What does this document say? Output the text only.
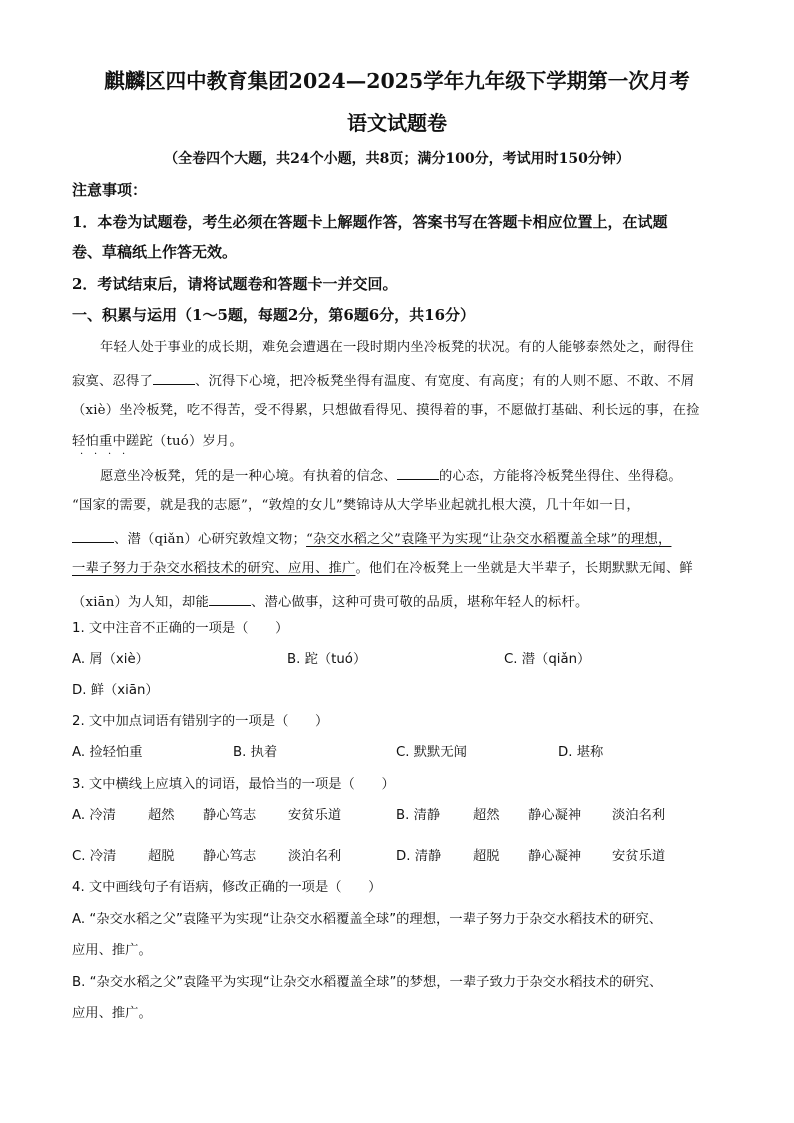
麒麟区四中教育集团2024—2025学年九年级下学期第一次月考
语文试题卷
（全卷四个大题，共24个小题，共8页；满分100分，考试用时150分钟）
注意事项：
1．本卷为试题卷，考生必须在答题卡上解题作答，答案书写在答题卡相应位置上，在试题
卷、草稿纸上作答无效。
2．考试结束后，请将试题卷和答题卡一并交回。
一、积累与运用（1～5题，每题2分，第6题6分，共16分）
年轻人处于事业的成长期，难免会遭遇在一段时期内坐冷板凳的状况。有的人能够泰然处之，耐得住
寂寞、忍得了	、沉得下心境，把冷板凳坐得有温度、有宽度、有高度；有的人则不愿、不敢、不屑
（xiè）坐冷板凳，吃不得苦，受不得累，只想做看得见、摸得着的事，不愿做打基础、利长远的事，在捡
轻怕重中蹉跎（tuó）岁月。
· · · ·
愿意坐冷板凳，凭的是一种心境。有执着的信念、	的心态，方能将冷板凳坐得住、坐得稳。
“国家的需要，就是我的志愿”，“敦煌的女儿”樊锦诗从大学毕业起就扎根大漠，几十年如一日，
、潜（qiǎn）心研究敦煌文物；“杂交水稻之父”袁隆平为实现“让杂交水稻覆盖全球”的理想，
一辈子努力于杂交水稻技术的研究、应用、推广。他们在冷板凳上一坐就是大半辈子，长期默默无闻、鲜
（xiān）为人知，却能	、潜心做事，这种可贵可敬的品质，堪称年轻人的标杆。
1. 文中注音不正确的一项是（　　）
A. 屑（xiè）	B. 跎（tuó）	C. 潜（qiǎn）
D. 鲜（xiān）
2. 文中加点词语有错别字的一项是（　　）
A. 捡轻怕重	B. 执着	C. 默默无闻	D. 堪称
3. 文中横线上应填入的词语，最恰当的一项是（　　）
A. 冷清 超然 静心笃志 安贫乐道	B. 清静 超然 静心凝神 淡泊名利
C. 冷清 超脱 静心笃志 淡泊名利	D. 清静 超脱 静心凝神 安贫乐道
4. 文中画线句子有语病，修改正确的一项是（　　）
A. “杂交水稻之父”袁隆平为实现“让杂交水稻覆盖全球”的理想，一辈子努力于杂交水稻技术的研究、
应用、推广。
B. “杂交水稻之父”袁隆平为实现“让杂交水稻覆盖全球”的梦想，一辈子致力于杂交水稻技术的研究、
应用、推广。
